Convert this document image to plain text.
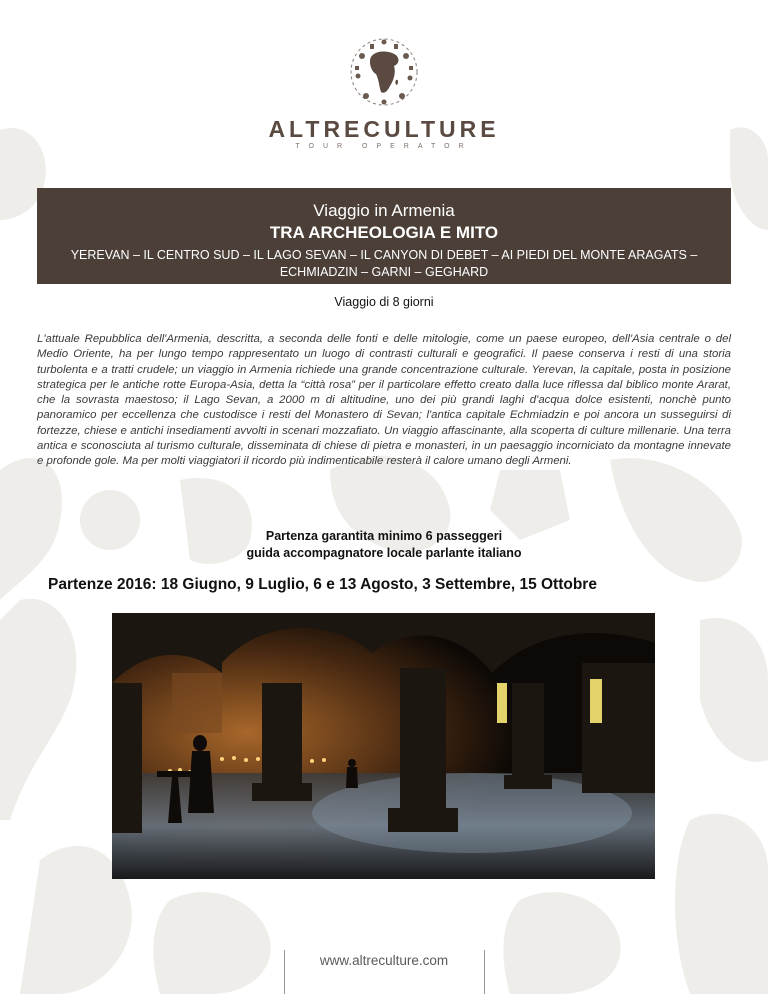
ALTRECULTURE
TOUR OPERATOR
Viaggio in Armenia
TRA ARCHEOLOGIA E MITO
YEREVAN – IL CENTRO SUD – IL LAGO SEVAN – IL CANYON DI DEBET – AI PIEDI DEL MONTE ARAGATS –
ECHMIADZIN – GARNI – GEGHARD
Viaggio di 8 giorni

L'attuale Repubblica dell'Armenia, descritta, a seconda delle fonti e delle mitologie, come un paese europeo, dell'Asia centrale o del Medio Oriente, ha per lungo tempo rappresentato un luogo di contrasti culturali e geografici. Il paese conserva i resti di una storia turbolenta e a tratti crudele; un viaggio in Armenia richiede una grande concentrazione culturale. Yerevan, la capitale, posta in posizione strategica per le antiche rotte Europa-Asia, detta la “città rosa” per il particolare effetto creato dalla luce riflessa dal biblico monte Ararat, che la sovrasta maestoso; il Lago Sevan, a 2000 m di altitudine, uno dei più grandi laghi d'acqua dolce esistenti, nonchè punto panoramico per eccellenza che custodisce i resti del Monastero di Sevan; l'antica capitale Echmiadzin e poi ancora un susseguirsi di fortezze, chiese e antichi insediamenti avvolti in scenari mozzafiato. Un viaggio affascinante, alla scoperta di culture millenarie. Una terra antica e sconosciuta al turismo culturale, disseminata di chiese di pietra e monasteri, in un paesaggio incorniciato da montagne innevate e profonde gole. Ma per molti viaggiatori il ricordo più indimenticabile resterà il calore umano degli Armeni.

Partenza garantita minimo 6 passeggeri
guida accompagnatore locale parlante italiano
Partenze 2016: 18 Giugno, 9 Luglio, 6 e 13 Agosto, 3 Settembre, 15 Ottobre
www.altreculture.com
